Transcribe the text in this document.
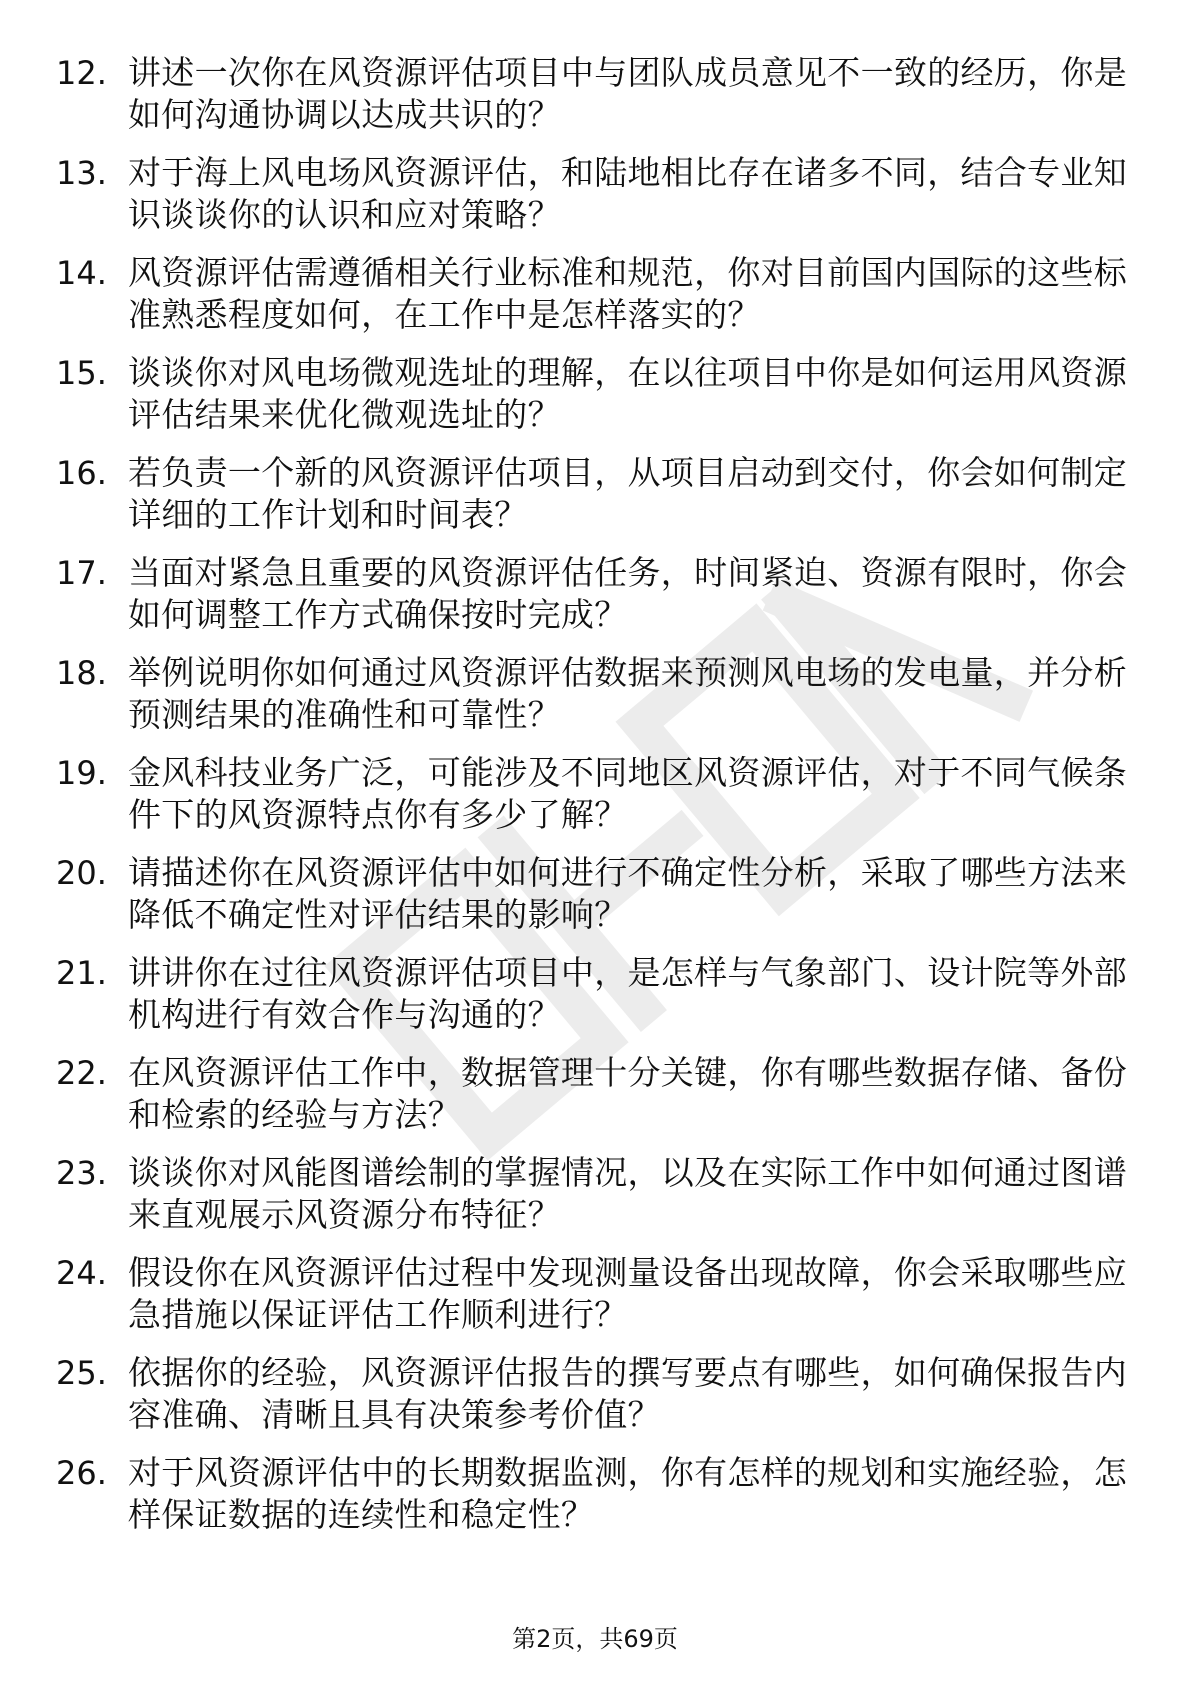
12. 讲述一次你在风资源评估项目中与团队成员意见不一致的经历，你是如何沟通协调以达成共识的？
13. 对于海上风电场风资源评估，和陆地相比存在诸多不同，结合专业知识谈谈你的认识和应对策略？
14. 风资源评估需遵循相关行业标准和规范，你对目前国内国际的这些标准熟悉程度如何，在工作中是怎样落实的？
15. 谈谈你对风电场微观选址的理解，在以往项目中你是如何运用风资源评估结果来优化微观选址的？
16. 若负责一个新的风资源评估项目，从项目启动到交付，你会如何制定详细的工作计划和时间表？
17. 当面对紧急且重要的风资源评估任务，时间紧迫、资源有限时，你会如何调整工作方式确保按时完成？
18. 举例说明你如何通过风资源评估数据来预测风电场的发电量，并分析预测结果的准确性和可靠性？
19. 金风科技业务广泛，可能涉及不同地区风资源评估，对于不同气候条件下的风资源特点你有多少了解？
20. 请描述你在风资源评估中如何进行不确定性分析，采取了哪些方法来降低不确定性对评估结果的影响？
21. 讲讲你在过往风资源评估项目中，是怎样与气象部门、设计院等外部机构进行有效合作与沟通的？
22. 在风资源评估工作中，数据管理十分关键，你有哪些数据存储、备份和检索的经验与方法？
23. 谈谈你对风能图谱绘制的掌握情况，以及在实际工作中如何通过图谱来直观展示风资源分布特征？
24. 假设你在风资源评估过程中发现测量设备出现故障，你会采取哪些应急措施以保证评估工作顺利进行？
25. 依据你的经验，风资源评估报告的撰写要点有哪些，如何确保报告内容准确、清晰且具有决策参考价值？
26. 对于风资源评估中的长期数据监测，你有怎样的规划和实施经验，怎样保证数据的连续性和稳定性？
第2页，共69页
